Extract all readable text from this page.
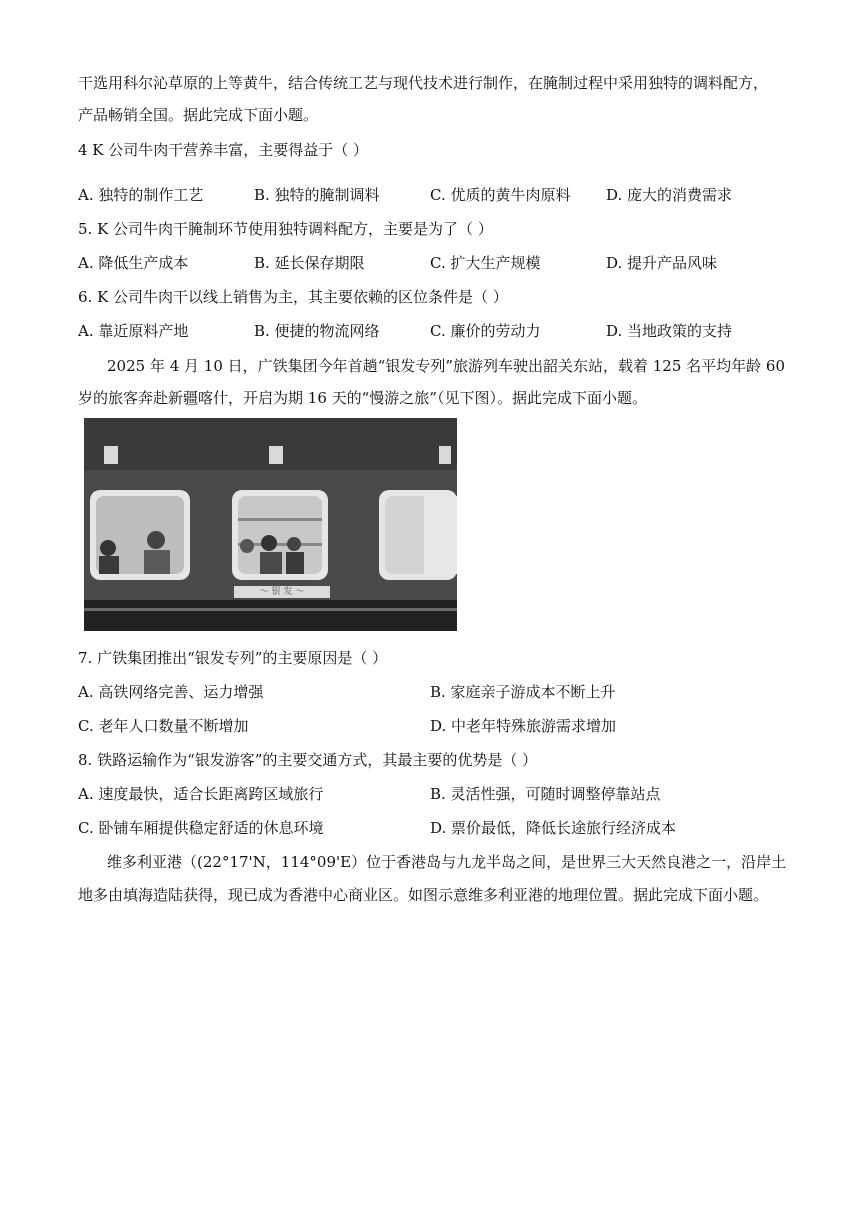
干选用科尔沁草原的上等黄牛，结合传统工艺与现代技术进行制作，在腌制过程中采用独特的调料配方，
产品畅销全国。据此完成下面小题。
4 K 公司牛肉干营养丰富，主要得益于（ ）
A. 独特的制作工艺	B. 独特的腌制调料	C. 优质的黄牛肉原料 D. 庞大的消费需求
5. K 公司牛肉干腌制环节使用独特调料配方，主要是为了（ ）
A. 降低生产成本	B. 延长保存期限	C. 扩大生产规模	D. 提升产品风味
6. K 公司牛肉干以线上销售为主，其主要依赖的区位条件是（ ）
A. 靠近原料产地	B. 便捷的物流网络	C. 廉价的劳动力	D. 当地政策的支持
2025 年 4 月 10 日，广铁集团今年首趟“银发专列”旅游列车驶出韶关东站，载着 125 名平均年龄 60
岁的旅客奔赴新疆喀什，开启为期 16 天的“慢游之旅”（见下图）。据此完成下面小题。
～ 银 发 ～
7. 广铁集团推出“银发专列”的主要原因是（ ）
A. 高铁网络完善、运力增强	B. 家庭亲子游成本不断上升
C. 老年人口数量不断增加	D. 中老年特殊旅游需求增加
8. 铁路运输作为“银发游客”的主要交通方式，其最主要的优势是（ ）
A. 速度最快，适合长距离跨区域旅行	B. 灵活性强，可随时调整停靠站点
C. 卧铺车厢提供稳定舒适的休息环境	D. 票价最低，降低长途旅行经济成本
维多利亚港（(22°17'N，114°09'E）位于香港岛与九龙半岛之间，是世界三大天然良港之一，沿岸土
地多由填海造陆获得，现已成为香港中心商业区。如图示意维多利亚港的地理位置。据此完成下面小题。
